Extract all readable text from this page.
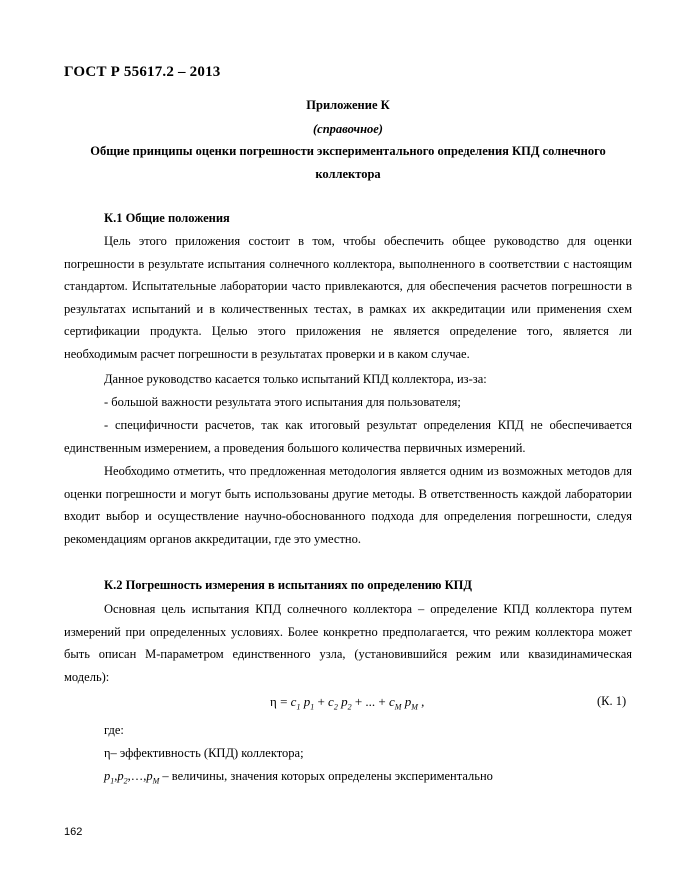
ГОСТ Р 55617.2 – 2013
Приложение К
(справочное)
Общие принципы оценки погрешности экспериментального определения КПД солнечного
коллектора
К.1 Общие положения

Цель этого приложения состоит в том, чтобы обеспечить общее руководство для оценки погрешности в результате испытания солнечного коллектора, выполненного в соответствии с настоящим стандартом. Испытательные лаборатории часто привлекаются, для обеспечения расчетов погрешности в результатах испытаний и в количественных тестах, в рамках их аккредитации или применения схем сертификации продукта. Целью этого приложения не является определение того, является ли необходимым расчет погрешности в результатах проверки и в каком случае.

Данное руководство касается только испытаний КПД коллектора, из-за:

- большой важности результата этого испытания для пользователя;

- специфичности расчетов, так как итоговый результат определения КПД не обеспечивается единственным измерением, а проведения большого количества первичных измерений.

Необходимо отметить, что предложенная методология является одним из возможных методов для оценки погрешности и могут быть использованы другие методы. В ответственность каждой лаборатории входит выбор и осуществление научно-обоснованного подхода для определения погрешности, следуя рекомендациям органов аккредитации, где это уместно.

К.2 Погрешность измерения в испытаниях по определению КПД

Основная цель испытания КПД солнечного коллектора – определение КПД коллектора путем измерений при определенных условиях. Более конкретно предполагается, что режим коллектора может быть описан М-параметром единственного узла, (установившийся режим или квазидинамическая модель):

$\eta = c_1$ $p_1 + c_2$ $p_2$ + ... + $c_M$ $p_M$ ,	(К. 1)
где:
η– эффективность (КПД) коллектора;
$p_1,p_2,\dots,p_M$ – величины, значения которых определены экспериментально
162
